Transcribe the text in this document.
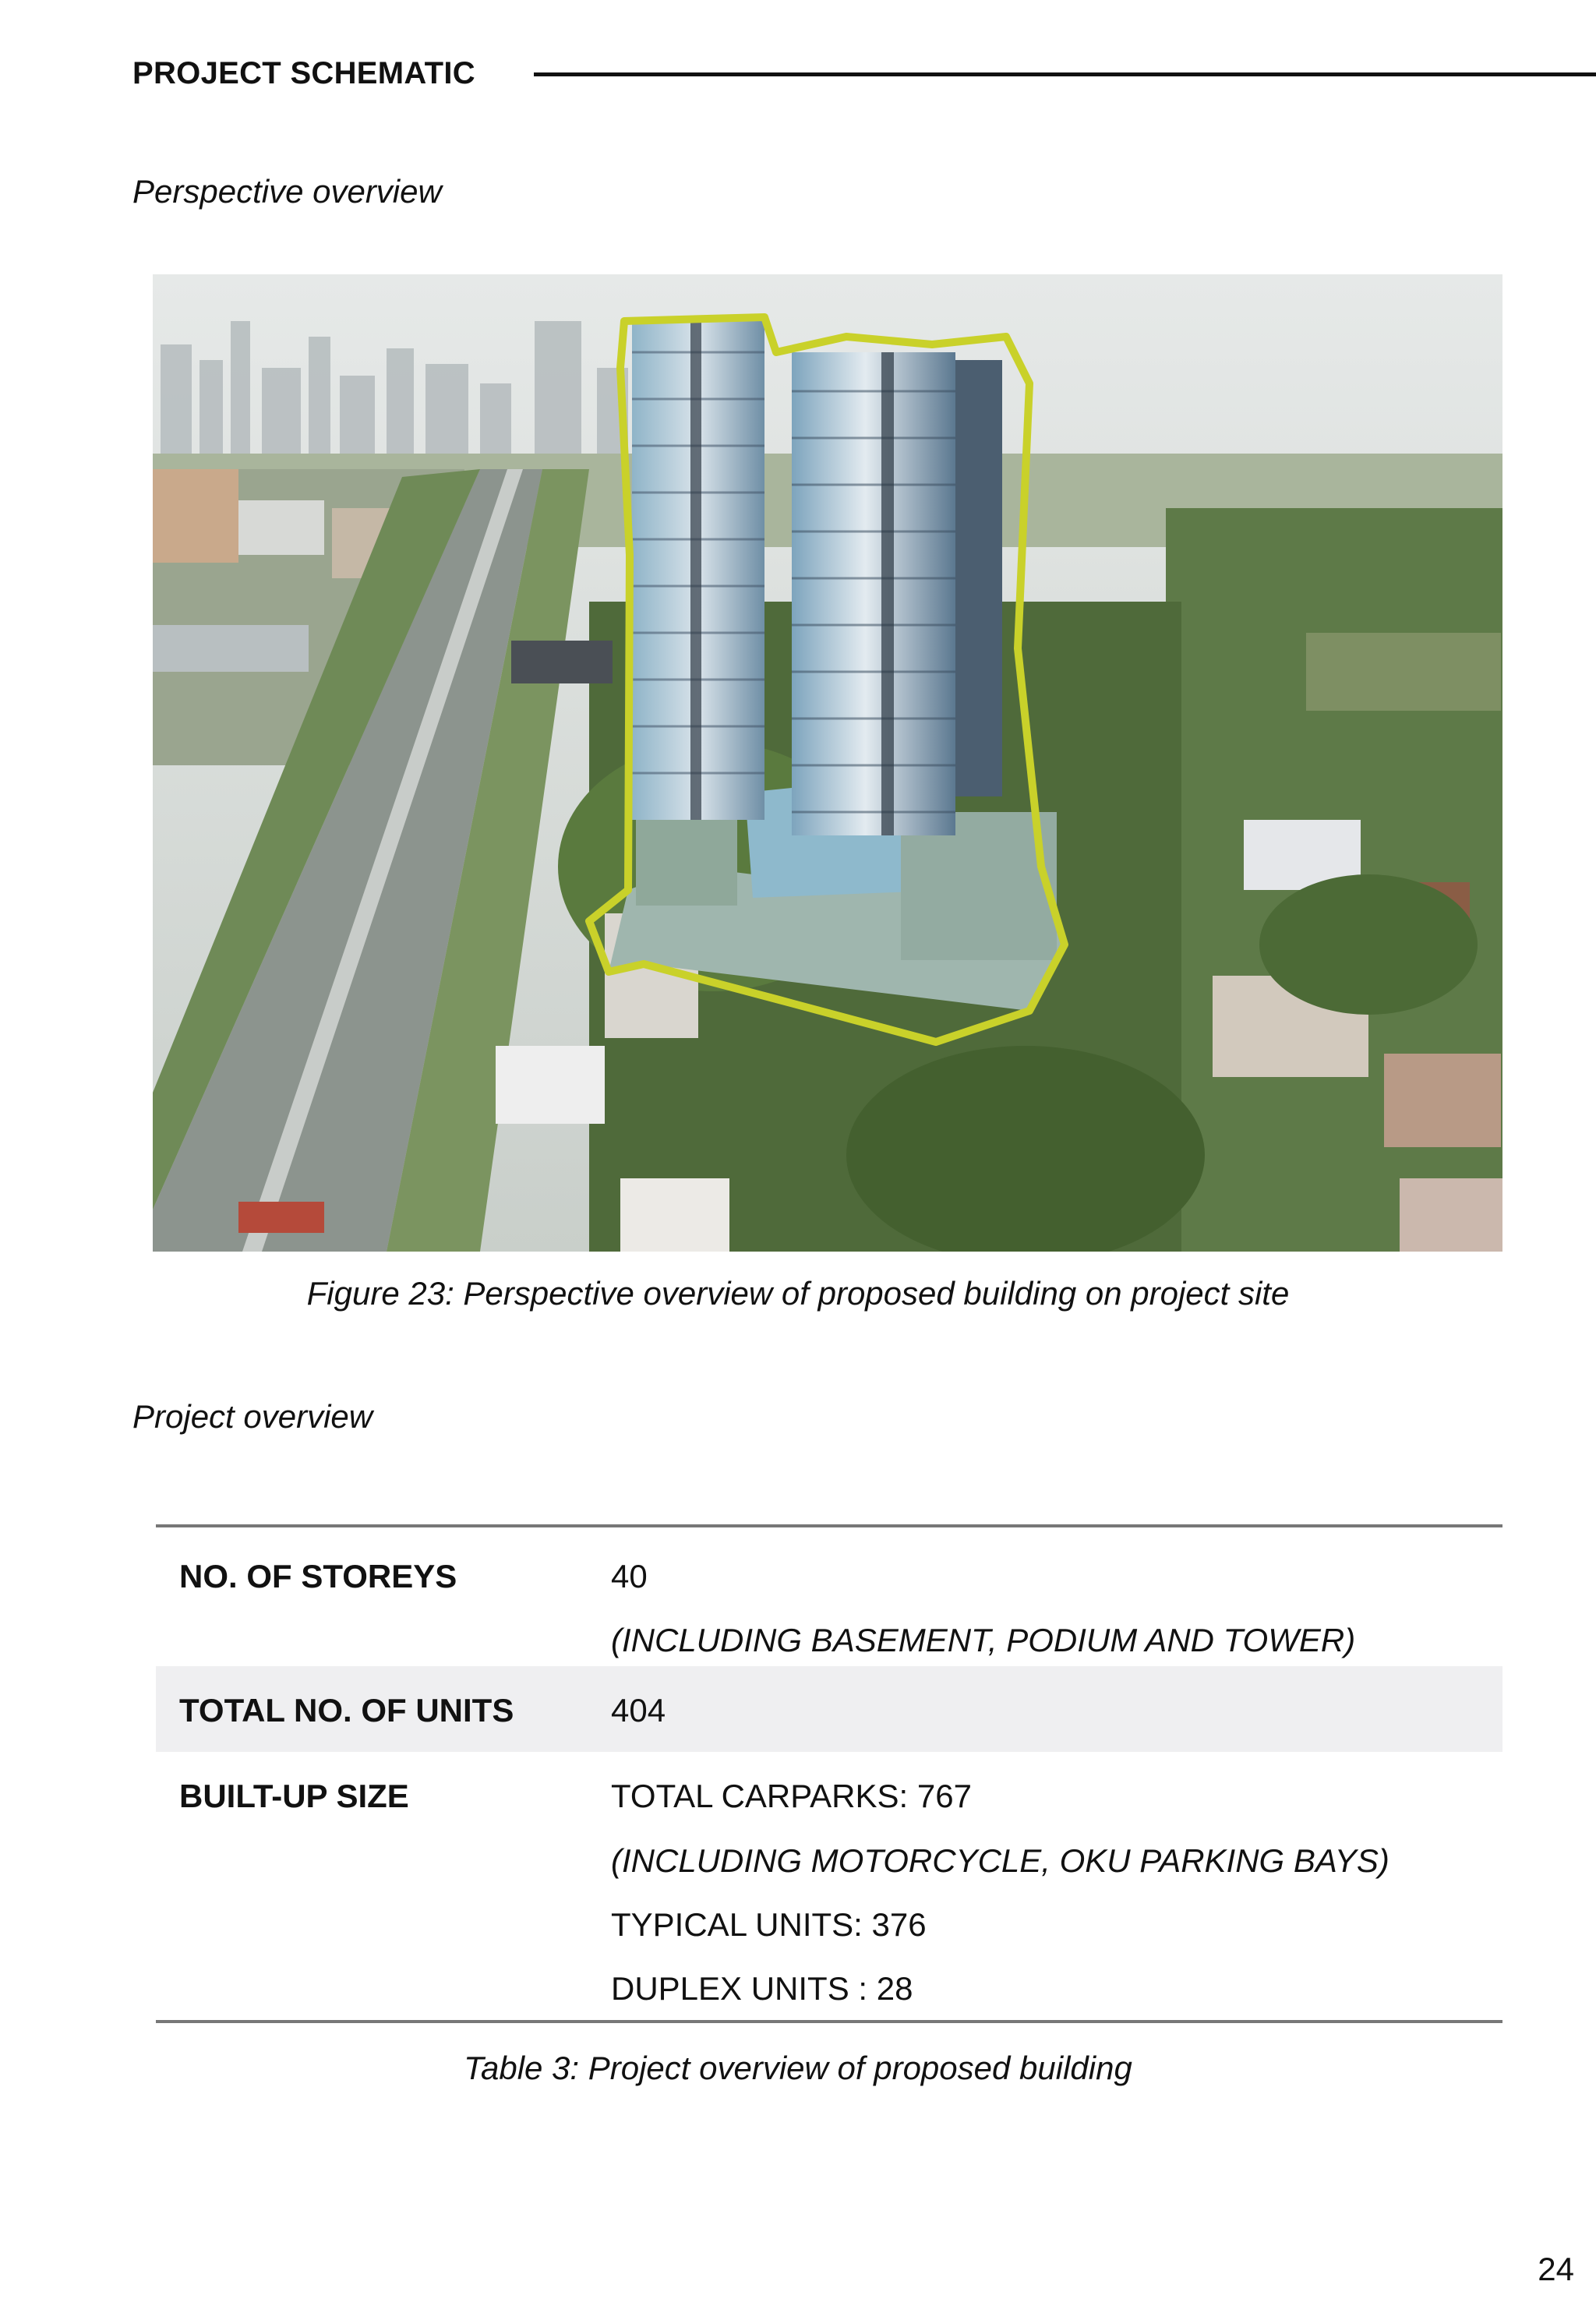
PROJECT SCHEMATIC
Perspective overview
Figure 23: Perspective overview of proposed building on project site
Project overview
NO. OF STOREYS	40
(INCLUDING BASEMENT, PODIUM AND TOWER)
TOTAL NO. OF UNITS	404
BUILT-UP SIZE	TOTAL CARPARKS: 767
(INCLUDING MOTORCYCLE, OKU PARKING BAYS)
TYPICAL UNITS: 376
DUPLEX UNITS : 28
Table 3: Project overview of proposed building
24
